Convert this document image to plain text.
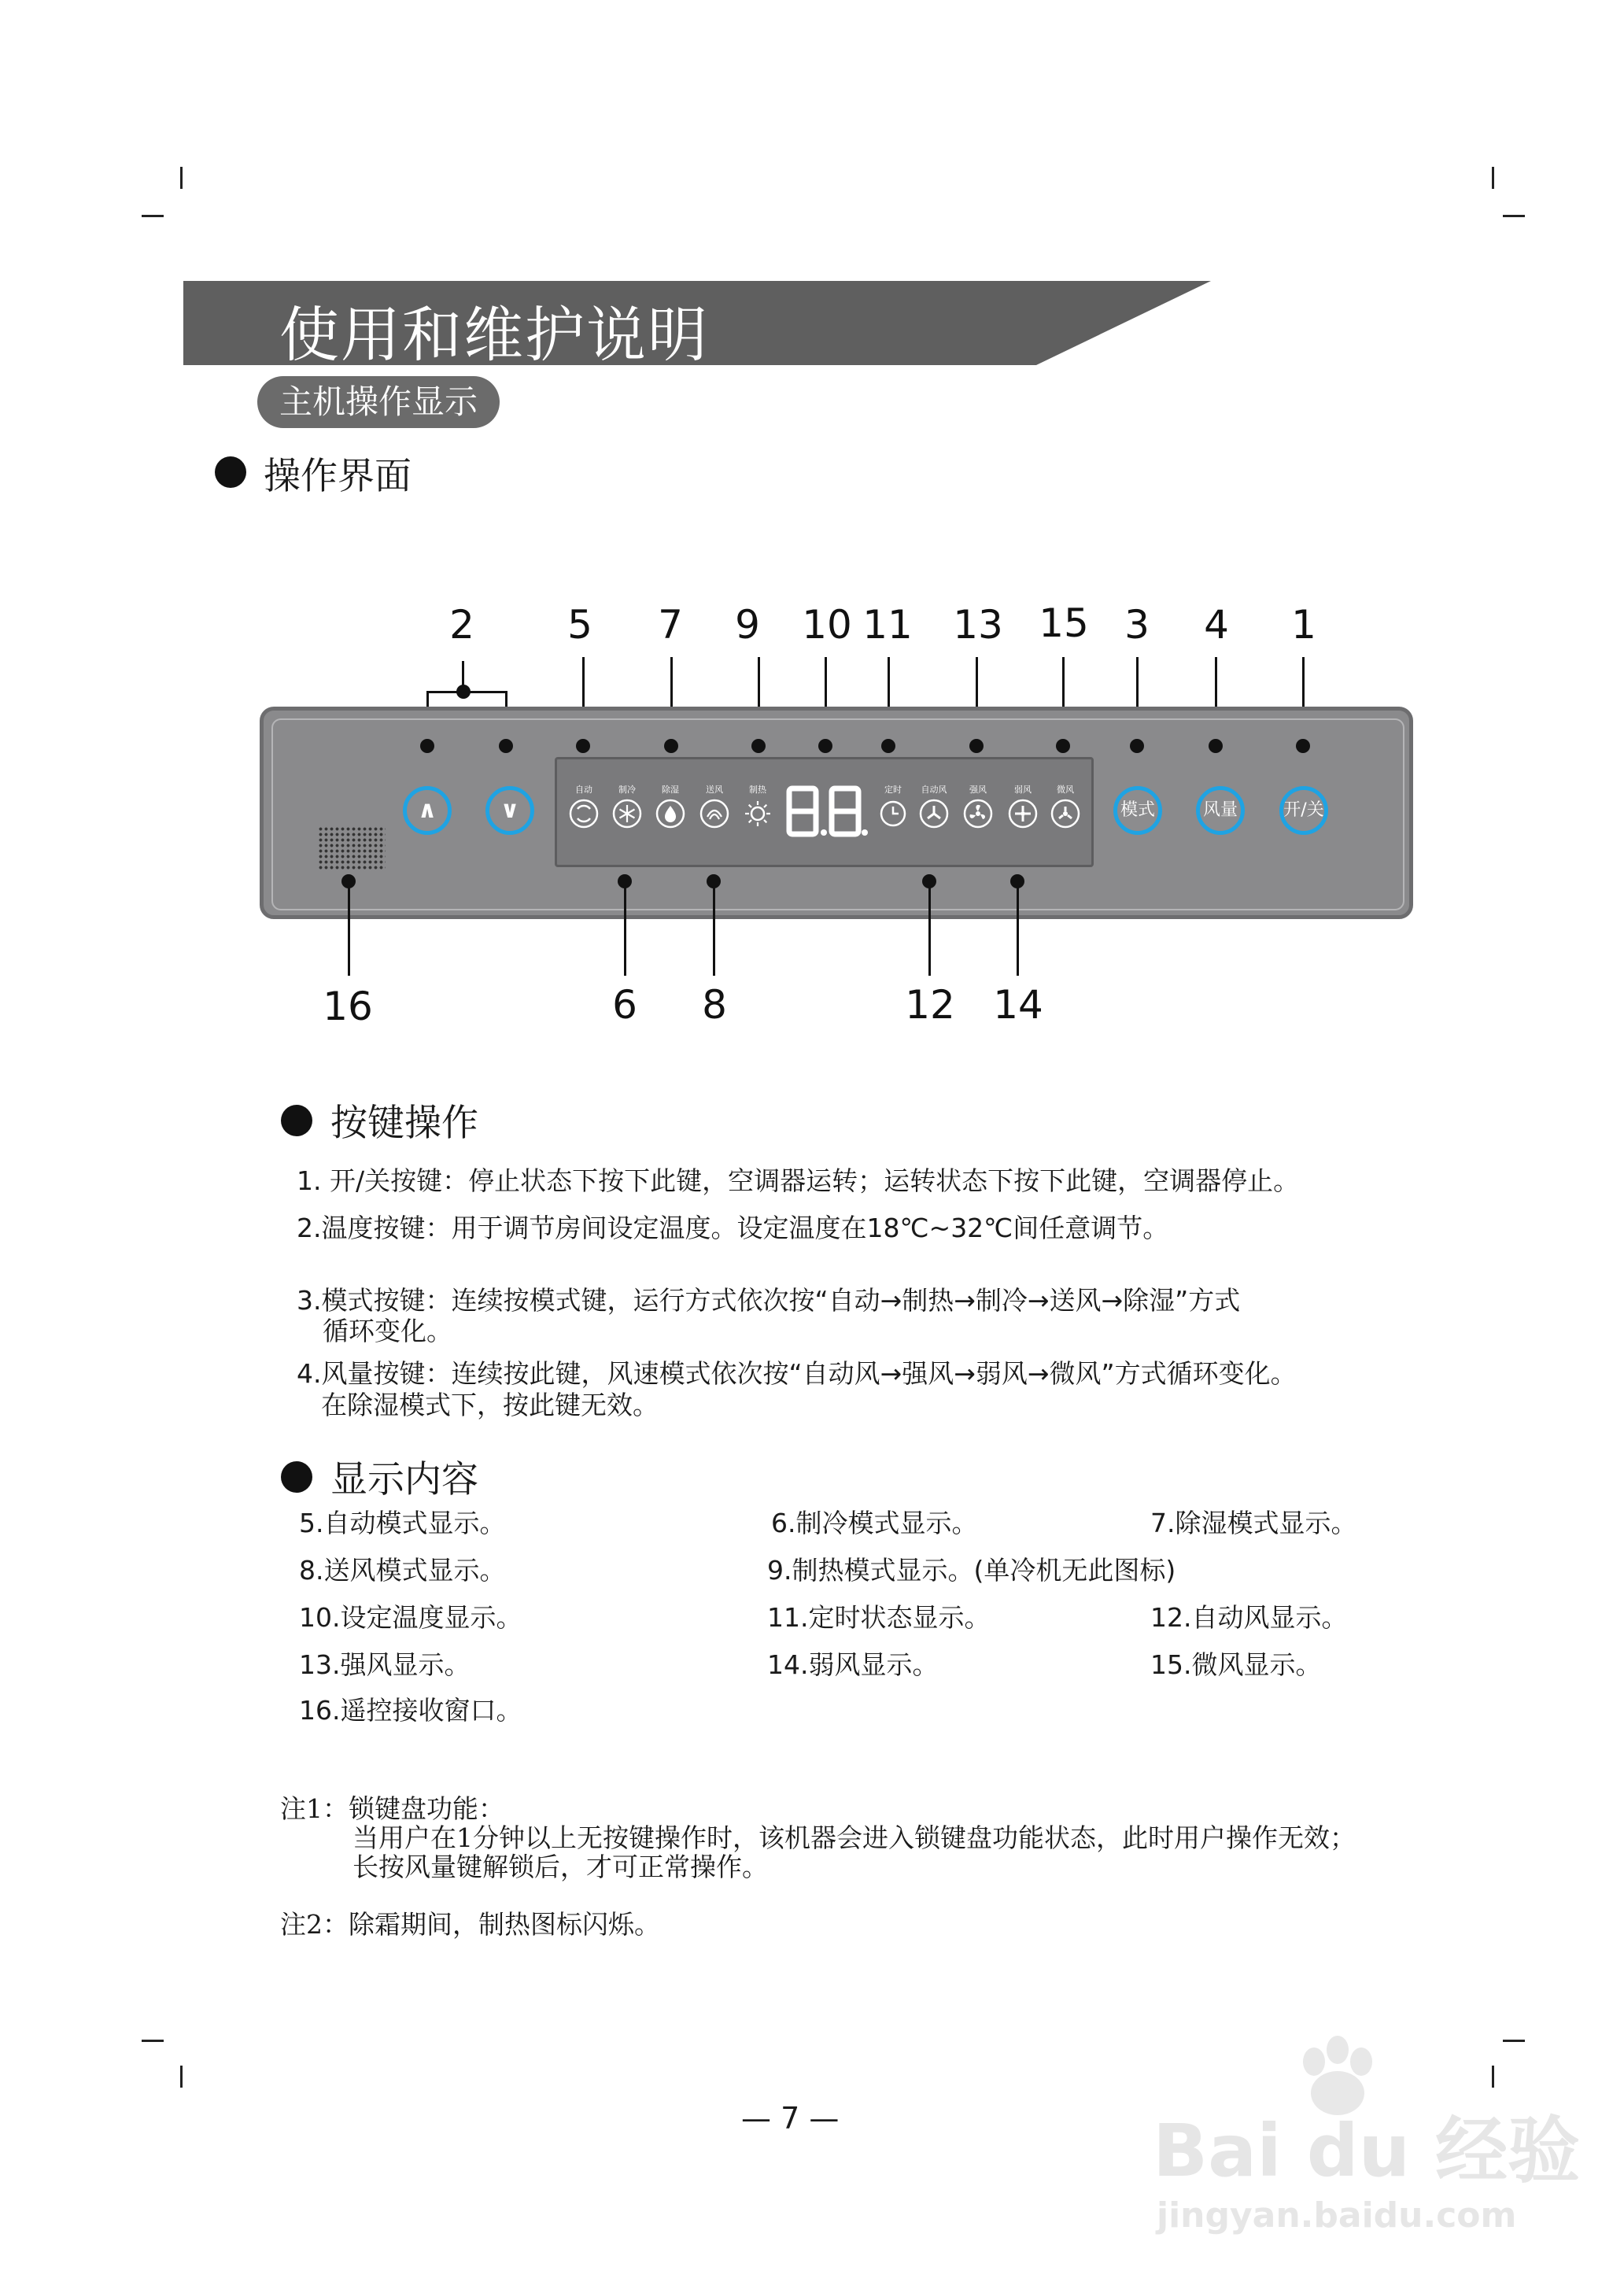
使用和维护说明
主机操作显示
操作界面
2 5 7 9 10 11 13 15 3 4 1
∧	∨	模式	风量	开/关
自动	制冷	除湿	送风	制热	定时 自动风	强风	弱风	微风
16	6 8	12 14
按键操作
1. 开/关按键：停止状态下按下此键，空调器运转；运转状态下按下此键，空调器停止。
2.温度按键：用于调节房间设定温度。设定温度在18℃~32℃间任意调节。
3.模式按键：连续按模式键，运行方式依次按“自动→制热→制冷→送风→除湿”方式
循环变化。
4.风量按键：连续按此键，风速模式依次按“自动风→强风→弱风→微风”方式循环变化。
在除湿模式下，按此键无效。
显示内容
5.自动模式显示。	6.制冷模式显示。	7.除湿模式显示。
8.送风模式显示。	9.制热模式显示。(单冷机无此图标)
10.设定温度显示。	11.定时状态显示。	12.自动风显示。
13.强风显示。	14.弱风显示。	15.微风显示。
16.遥控接收窗口。
注1：锁键盘功能：
当用户在1分钟以上无按键操作时，该机器会进入锁键盘功能状态，此时用户操作无效；
长按风量键解锁后，才可正常操作。
注2：除霜期间，制热图标闪烁。
— 7 —	Bai du 经验
jingyan.baidu.com
